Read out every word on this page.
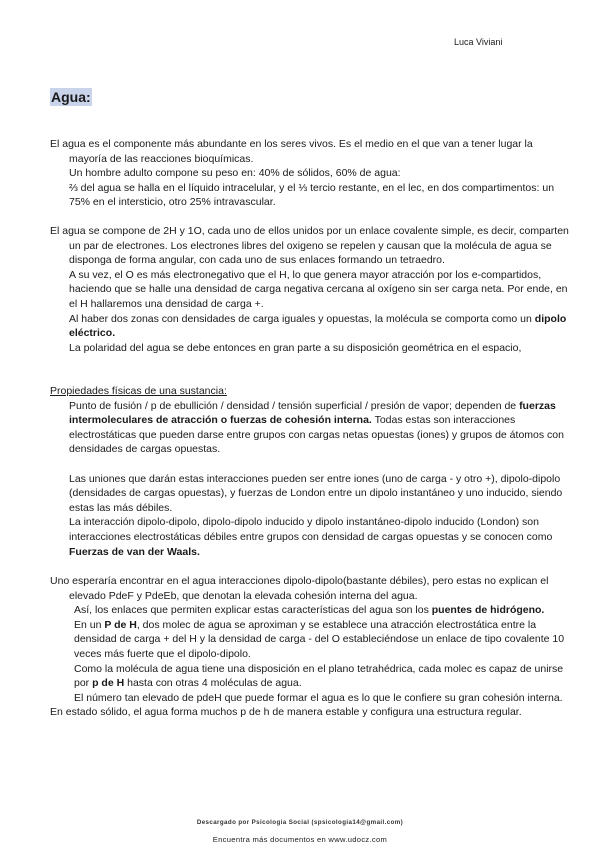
Luca Viviani
Agua:

El agua es el componente más abundante en los seres vivos. Es el medio en el que van a tener lugar la mayoría de las reacciones bioquímicas.

Un hombre adulto compone su peso en: 40% de sólidos, 60% de agua:

⅔ del agua se halla en el líquido intracelular, y el ⅓ tercio restante, en el lec, en dos compartimentos: un 75% en el intersticio, otro 25% intravascular.

El agua se compone de 2H y 1O, cada uno de ellos unidos por un enlace covalente simple, es decir, comparten un par de electrones. Los electrones libres del oxigeno se repelen y causan que la molécula de agua se disponga de forma angular, con cada uno de sus enlaces formando un tetraedro.

A su vez, el O es más electronegativo que el H, lo que genera mayor atracción por los e-compartidos, haciendo que se halle una densidad de carga negativa cercana al oxígeno sin ser carga neta. Por ende, en el H hallaremos una densidad de carga +.

Al haber dos zonas con densidades de carga iguales y opuestas, la molécula se comporta como un dipolo eléctrico.

La polaridad del agua se debe entonces en gran parte a su disposición geométrica en el espacio,

Propiedades físicas de una sustancia:

Punto de fusión / p de ebullición / densidad / tensión superficial / presión de vapor; dependen de fuerzas intermoleculares de atracción o fuerzas de cohesión interna. Todas estas son interacciones electrostáticas que pueden darse entre grupos con cargas netas opuestas (iones) y grupos de átomos con densidades de cargas opuestas.

Las uniones que darán estas interacciones pueden ser entre iones (uno de carga - y otro +), dipolo-dipolo (densidades de cargas opuestas), y fuerzas de London entre un dipolo instantáneo y uno inducido, siendo estas las más débiles.

La interacción dipolo-dipolo, dipolo-dipolo inducido y dipolo instantáneo-dipolo inducido (London) son interacciones electrostáticas débiles entre grupos con densidad de cargas opuestas y se conocen como Fuerzas de van der Waals.

Uno esperaría encontrar en el agua interacciones dipolo-dipolo(bastante débiles), pero estas no explican el elevado PdeF y PdeEb, que denotan la elevada cohesión interna del agua.

Así, los enlaces que permiten explicar estas características del agua son los puentes de hidrógeno.

En un P de H, dos molec de agua se aproximan y se establece una atracción electrostática entre la densidad de carga + del H y la densidad de carga - del O estableciéndose un enlace de tipo covalente 10 veces más fuerte que el dipolo-dipolo.

Como la molécula de agua tiene una disposición en el plano tetrahédrica, cada molec es capaz de unirse por p de H hasta con otras 4 moléculas de agua.

El número tan elevado de pdeH que puede formar el agua es lo que le confiere su gran cohesión interna.

En estado sólido, el agua forma muchos p de h de manera estable y configura una estructura regular.

Descargado por Psicologia Social (spsicologia14@gmail.com)
Encuentra más documentos en www.udocz.com
